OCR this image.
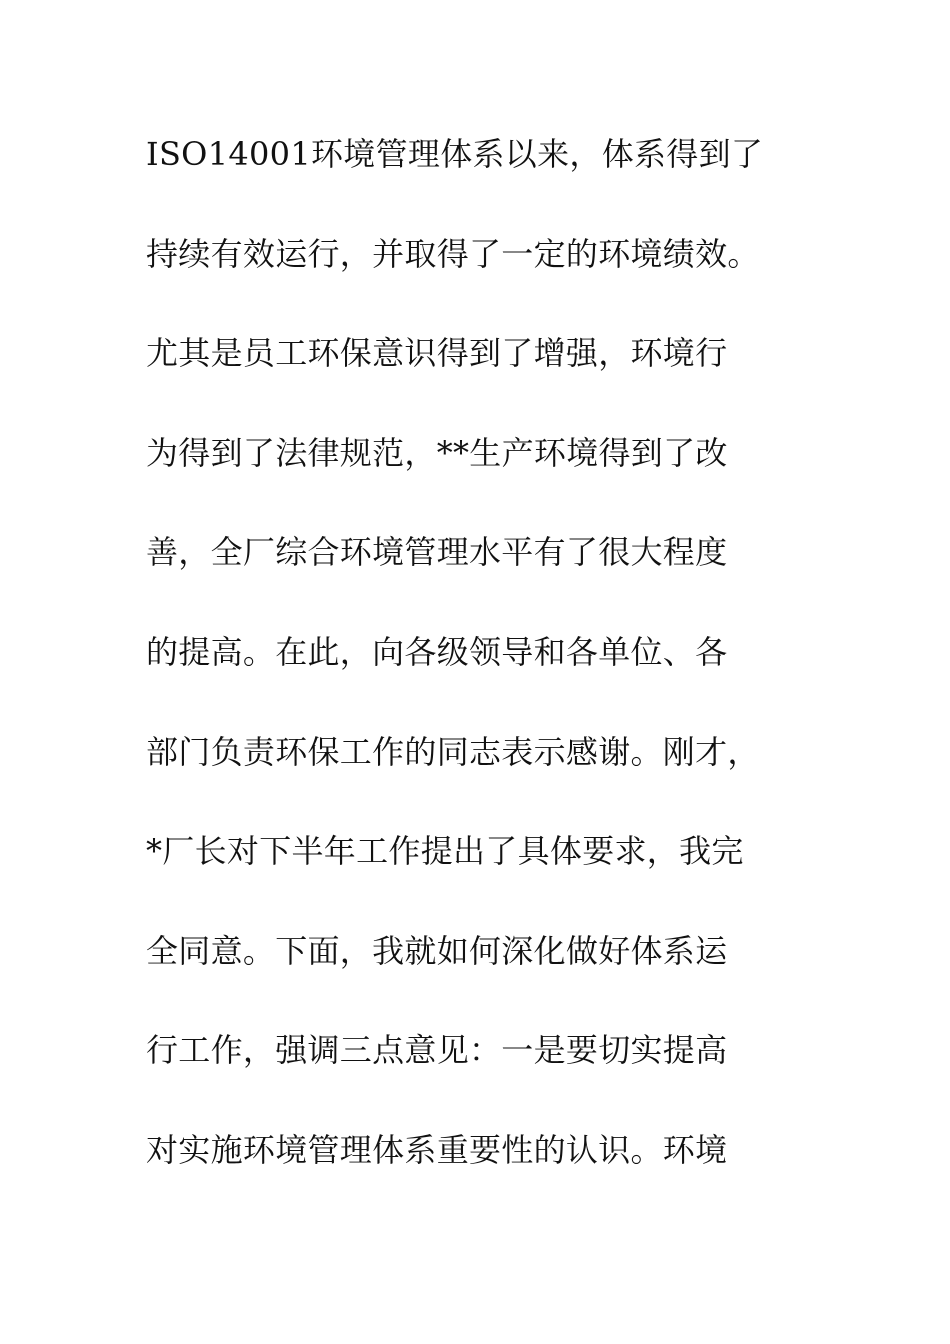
ISO14001环境管理体系以来，体系得到了
持续有效运行，并取得了一定的环境绩效。
尤其是员工环保意识得到了增强，环境行
为得到了法律规范，**生产环境得到了改
善，全厂综合环境管理水平有了很大程度
的提高。在此，向各级领导和各单位、各
部门负责环保工作的同志表示感谢。刚才，
*厂长对下半年工作提出了具体要求，我完
全同意。下面，我就如何深化做好体系运
行工作，强调三点意见：一是要切实提高
对实施环境管理体系重要性的认识。环境
